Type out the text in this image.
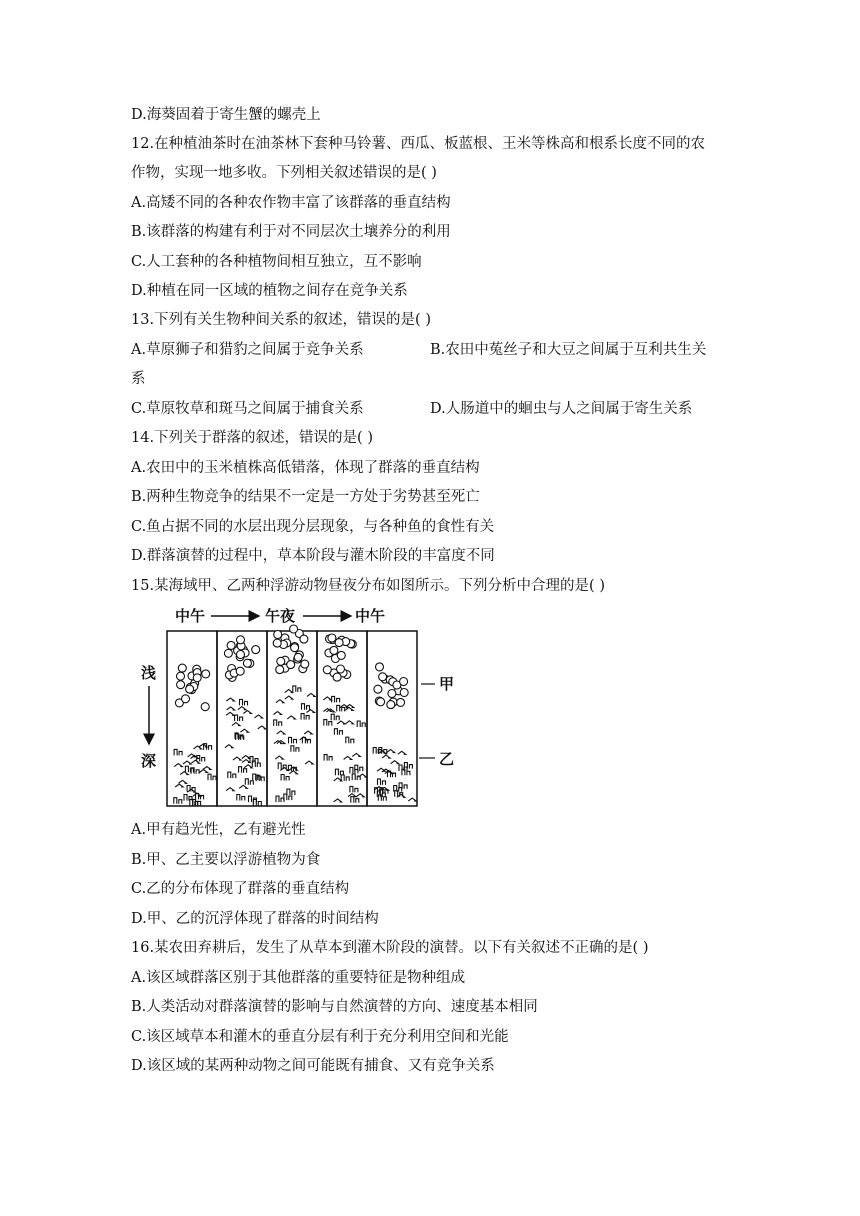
D.海葵固着于寄生蟹的螺壳上
12.在种植油茶时在油茶林下套种马铃薯、西瓜、板蓝根、王米等株高和根系长度不同的农
作物，实现一地多收。下列相关叙述错误的是( )
A.高矮不同的各种农作物丰富了该群落的垂直结构
B.该群落的构建有利于对不同层次土壤养分的利用
C.人工套种的各种植物间相互独立，互不影响
D.种植在同一区域的植物之间存在竞争关系
13.下列有关生物种间关系的叙述，错误的是( )
A.草原狮子和猎豹之间属于竞争关系	B.农田中菟丝子和大豆之间属于互利共生关
系
C.草原牧草和斑马之间属于捕食关系	D.人肠道中的蛔虫与人之间属于寄生关系
14.下列关于群落的叙述，错误的是( )
A.农田中的玉米植株高低错落，体现了群落的垂直结构
B.两种生物竞争的结果不一定是一方处于劣势甚至死亡
C.鱼占据不同的水层出现分层现象，与各种鱼的食性有关
D.群落演替的过程中，草本阶段与灌木阶段的丰富度不同
15.某海域甲、乙两种浮游动物昼夜分布如图所示。下列分析中合理的是( )
中午	午夜	中午
浅
深
甲
乙
A.甲有趋光性，乙有避光性
B.甲、乙主要以浮游植物为食
C.乙的分布体现了群落的垂直结构
D.甲、乙的沉浮体现了群落的时间结构
16.某农田弃耕后，发生了从草本到灌木阶段的演替。以下有关叙述不正确的是( )
A.该区域群落区别于其他群落的重要特征是物种组成
B.人类活动对群落演替的影响与自然演替的方向、速度基本相同
C.该区域草本和灌木的垂直分层有利于充分利用空间和光能
D.该区域的某两种动物之间可能既有捕食、又有竞争关系
